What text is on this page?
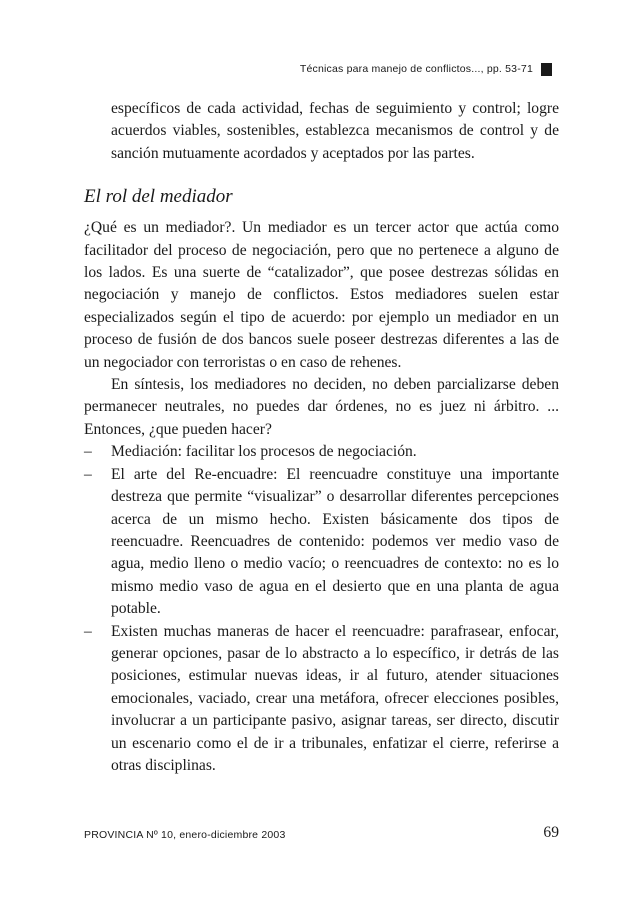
Técnicas para manejo de conflictos..., pp. 53-71

específicos de cada actividad, fechas de seguimiento y control; logre acuerdos viables, sostenibles, establezca mecanismos de control y de sanción mutuamente acordados y aceptados por las partes.

El rol del mediador

¿Qué es un mediador?. Un mediador es un tercer actor que actúa como facilitador del proceso de negociación, pero que no pertenece a alguno de los lados. Es una suerte de “catalizador”, que posee destrezas sólidas en negociación y manejo de conflictos. Estos mediadores suelen estar especializados según el tipo de acuerdo: por ejemplo un mediador en un proceso de fusión de dos bancos suele poseer destrezas diferentes a las de un negociador con terroristas o en caso de rehenes.

En síntesis, los mediadores no deciden, no deben parcializarse deben permanecer neutrales, no puedes dar órdenes, no es juez ni árbitro. ... Entonces, ¿que pueden hacer?

– Mediación: facilitar los procesos de negociación.
– El arte del Re-encuadre: El reencuadre constituye una importante destreza que permite “visualizar” o desarrollar diferentes percepciones acerca de un mismo hecho. Existen básicamente dos tipos de reencuadre. Reencuadres de contenido: podemos ver medio vaso de agua, medio lleno o medio vacío; o reencuadres de contexto: no es lo mismo medio vaso de agua en el desierto que en una planta de agua potable.
– Existen muchas maneras de hacer el reencuadre: parafrasear, enfocar, generar opciones, pasar de lo abstracto a lo específico, ir detrás de las posiciones, estimular nuevas ideas, ir al futuro, atender situaciones emocionales, vaciado, crear una metáfora, ofrecer elecciones posibles, involucrar a un participante pasivo, asignar tareas, ser directo, discutir un escenario como el de ir a tribunales, enfatizar el cierre, referirse a otras disciplinas.
PROVINCIA Nº 10, enero-diciembre 2003	69
